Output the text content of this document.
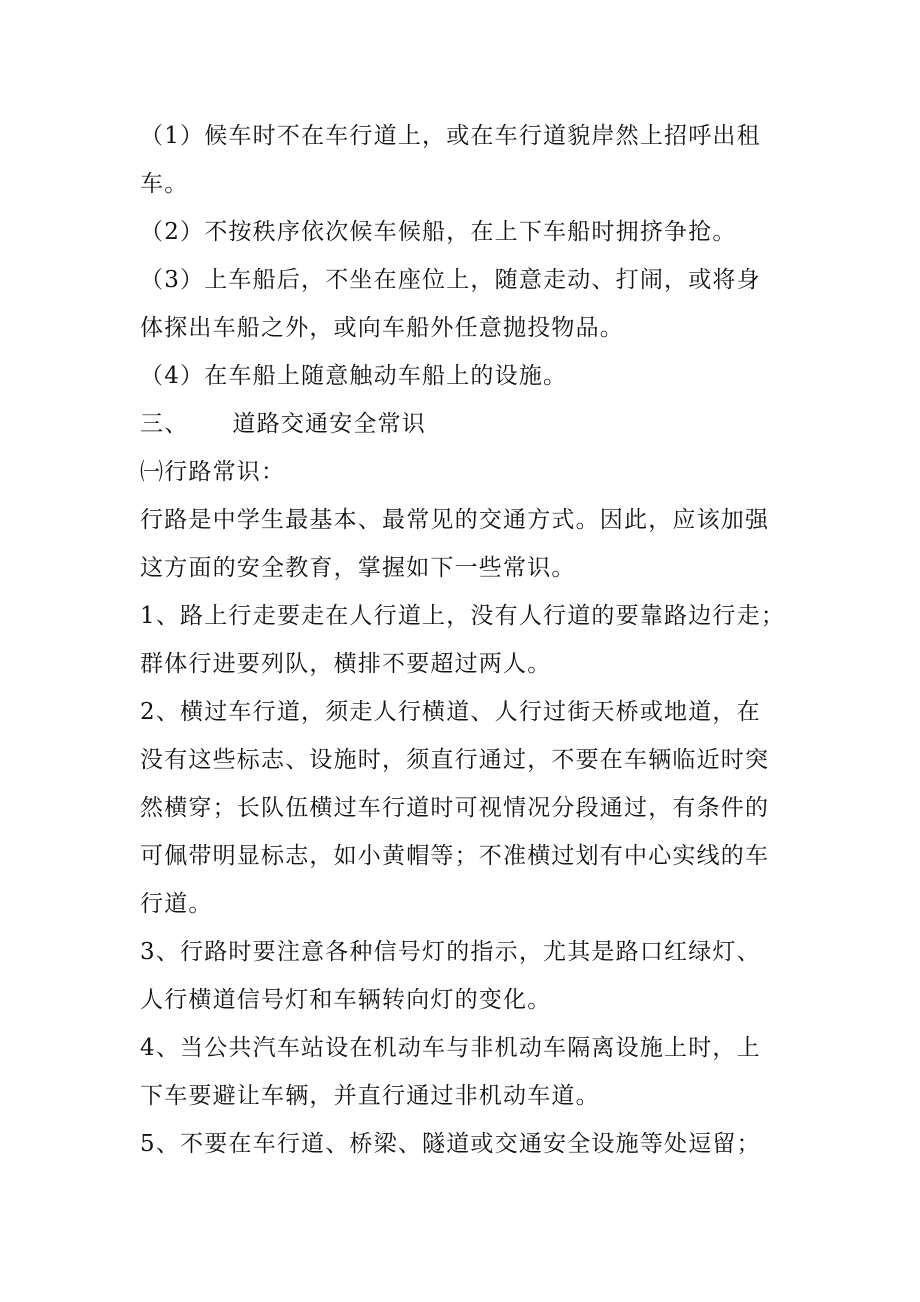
（1）候车时不在车行道上，或在车行道貌岸然上招呼出租
车。
（2）不按秩序依次候车候船，在上下车船时拥挤争抢。
（3）上车船后，不坐在座位上，随意走动、打闹，或将身
体探出车船之外，或向车船外任意抛投物品。
（4）在车船上随意触动车船上的设施。
三、 道路交通安全常识
㈠行路常识：
行路是中学生最基本、最常见的交通方式。因此，应该加强
这方面的安全教育，掌握如下一些常识。
1、路上行走要走在人行道上，没有人行道的要靠路边行走；
群体行进要列队，横排不要超过两人。
2、横过车行道，须走人行横道、人行过街天桥或地道，在
没有这些标志、设施时，须直行通过，不要在车辆临近时突
然横穿；长队伍横过车行道时可视情况分段通过，有条件的
可佩带明显标志，如小黄帽等；不准横过划有中心实线的车
行道。
3、行路时要注意各种信号灯的指示，尤其是路口红绿灯、
人行横道信号灯和车辆转向灯的变化。
4、当公共汽车站设在机动车与非机动车隔离设施上时，上
下车要避让车辆，并直行通过非机动车道。
5、不要在车行道、桥梁、隧道或交通安全设施等处逗留；
